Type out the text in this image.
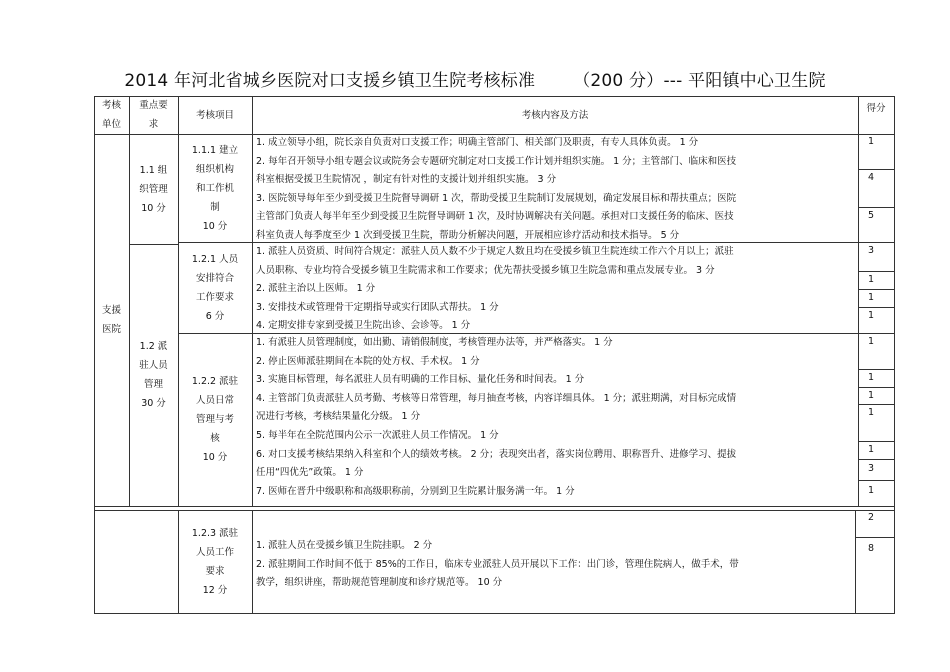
2014 年河北省城乡医院对口支援乡镇卫生院考核标准 （200 分）--- 平阳镇中心卫生院
考核
单位
重点要
求
考核项目	考核内容及方法
得分
支援
医院
1.1 组
织管理
10 分
1.2 派
驻人员
管理
30 分
1.1.1 建立
组织机构
和工作机
制
10 分
1.2.1 人员
安排符合
工作要求
6 分
1.2.2 派驻
人员日常
管理与考
核
10 分
1.2.3 派驻
人员工作
要求
12 分
1. 成立领导小组，院长亲自负责对口支援工作；明确主管部门、相关部门及职责，有专人具体负责。 1 分
2. 每年召开领导小组专题会议或院务会专题研究制定对口支援工作计划并组织实施。 1 分；主管部门、临床和医技
科室根据受援卫生院情况 ，制定有针对性的支援计划并组织实施。 3 分
3. 医院领导每年至少到受援卫生院督导调研 1 次，帮助受援卫生院制订发展规划，确定发展目标和帮扶重点；医院
主管部门负责人每半年至少到受援卫生院督导调研 1 次，及时协调解决有关问题。承担对口支援任务的临床、医技
科室负责人每季度至少 1 次到受援卫生院，帮助分析解决问题，开展相应诊疗活动和技术指导。 5 分
1. 派驻人员资质、时间符合规定：派驻人员人数不少于规定人数且均在受援乡镇卫生院连续工作六个月以上；派驻
人员职称、专业均符合受援乡镇卫生院需求和工作要求；优先帮扶受援乡镇卫生院急需和重点发展专业。 3 分
2. 派驻主治以上医师。 1 分
3. 安排技术或管理骨干定期指导或实行团队式帮扶。 1 分
4. 定期安排专家到受援卫生院出诊、会诊等。 1 分
1. 有派驻人员管理制度，如出勤、请销假制度，考核管理办法等，并严格落实。 1 分
2. 停止医师派驻期间在本院的处方权、手术权。 1 分
3. 实施目标管理，每名派驻人员有明确的工作目标、量化任务和时间表。 1 分
4. 主管部门负责派驻人员考勤、考核等日常管理，每月抽查考核，内容详细具体。 1 分；派驻期满，对目标完成情
况进行考核，考核结果量化分级。 1 分
5. 每半年在全院范围内公示一次派驻人员工作情况。 1 分
6. 对口支援考核结果纳入科室和个人的绩效考核。 2 分；表现突出者，落实岗位聘用、职称晋升、进修学习、提拔
任用“四优先”政策。 1 分
7. 医师在晋升中级职称和高级职称前，分别到卫生院累计服务满一年。 1 分
1. 派驻人员在受援乡镇卫生院挂职。 2 分
2. 派驻期间工作时间不低于 85%的工作日，临床专业派驻人员开展以下工作：出门诊，管理住院病人，做手术，带
教学，组织讲座，帮助规范管理制度和诊疗规范等。 10 分
1
4
5
3
1
1
1
1
1
1
1
1
3
1
2
8
